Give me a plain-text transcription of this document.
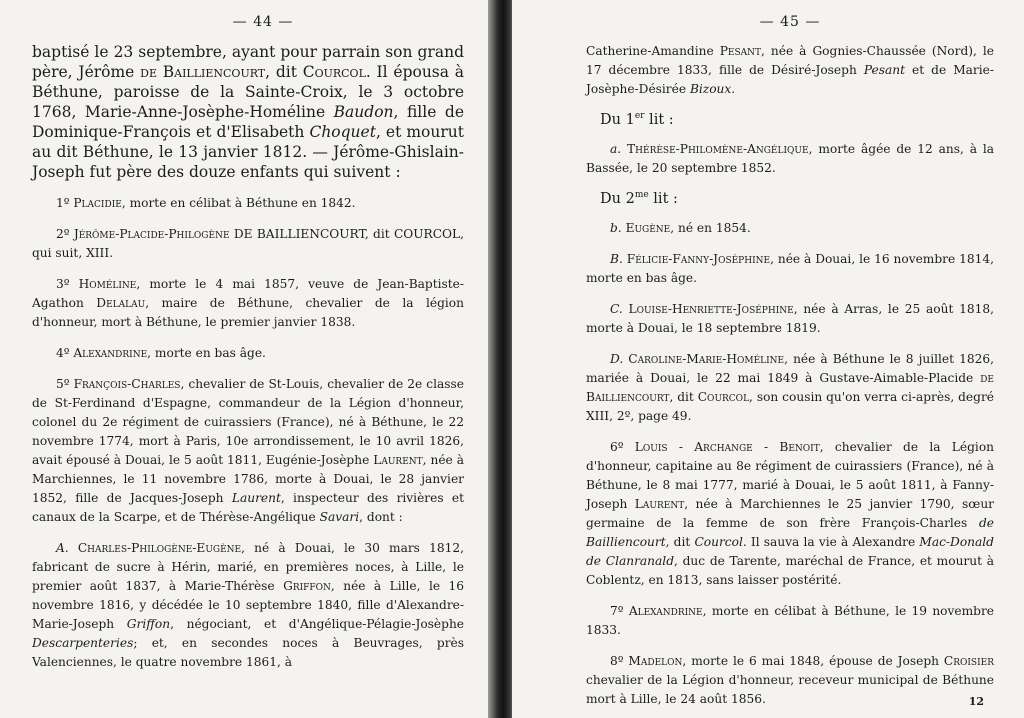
— 44 —

baptisé le 23 septembre, ayant pour parrain son grand père, Jérôme de Bailliencourt, dit Courcol. Il épousa à Béthune, paroisse de la Sainte-Croix, le 3 octobre 1768, Marie-Anne-Josèphe-Homéline Baudon, fille de Dominique-François et d'Elisabeth Choquet, et mourut au dit Béthune, le 13 janvier 1812. — Jérôme-Ghislain-Joseph fut père des douze enfants qui suivent :

1º Placidie, morte en célibat à Béthune en 1842.

2º Jérôme-Placide-Philogène DE BAILLIENCOURT, dit COURCOL, qui suit, XIII.

3º Homéline, morte le 4 mai 1857, veuve de Jean-Baptiste-Agathon Delalau, maire de Béthune, chevalier de la légion d'honneur, mort à Béthune, le premier janvier 1838.

4º Alexandrine, morte en bas âge.

5º François-Charles, chevalier de St-Louis, chevalier de 2e classe de St-Ferdinand d'Espagne, commandeur de la Légion d'honneur, colonel du 2e régiment de cuirassiers (France), né à Béthune, le 22 novembre 1774, mort à Paris, 10e arrondissement, le 10 avril 1826, avait épousé à Douai, le 5 août 1811, Eugénie-Josèphe Laurent, née à Marchiennes, le 11 novembre 1786, morte à Douai, le 28 janvier 1852, fille de Jacques-Joseph Laurent, inspecteur des rivières et canaux de la Scarpe, et de Thérèse-Angélique Savari, dont :

A. Charles-Philogène-Eugène, né à Douai, le 30 mars 1812, fabricant de sucre à Hérin, marié, en premières noces, à Lille, le premier août 1837, à Marie-Thérèse Griffon, née à Lille, le 16 novembre 1816, y décédée le 10 septembre 1840, fille d'Alexandre-Marie-Joseph Griffon, négociant, et d'Angélique-Pélagie-Josèphe Descarpenteries; et, en secondes noces à Beuvrages, près Valenciennes, le quatre novembre 1861, à

— 45 —

Catherine-Amandine Pesant, née à Gognies-Chaussée (Nord), le 17 décembre 1833, fille de Désiré-Joseph Pesant et de Marie-Josèphe-Désirée Bizoux.

Du 1er lit :

a. Thérèse-Philomène-Angélique, morte âgée de 12 ans, à la Bassée, le 20 septembre 1852.

Du $2^{me}$ lit :

b. Eugène, né en 1854.

B. Félicie-Fanny-Joséphine, née à Douai, le 16 novembre 1814, morte en bas âge.

C. Louise-Henriette-Joséphine, née à Arras, le 25 août 1818, morte à Douai, le 18 septembre 1819.

D. Caroline-Marie-Homéline, née à Béthune le 8 juillet 1826, mariée à Douai, le 22 mai 1849 à Gustave-Aimable-Placide de Bailliencourt, dit Courcol, son cousin qu'on verra ci-après, degré XIII, 2º, page 49.

6º Louis - Archange - Benoit, chevalier de la Légion d'honneur, capitaine au 8e régiment de cuirassiers (France), né à Béthune, le 8 mai 1777, marié à Douai, le 5 août 1811, à Fanny-Joseph Laurent, née à Marchiennes le 25 janvier 1790, sœur germaine de la femme de son frère François-Charles de Bailliencourt, dit Courcol. Il sauva la vie à Alexandre Mac-Donald de Clanranald, duc de Tarente, maréchal de France, et mourut à Coblentz, en 1813, sans laisser postérité.

7º Alexandrine, morte en célibat à Béthune, le 19 novembre 1833.

8º Madelon, morte le 6 mai 1848, épouse de Joseph Croisier chevalier de la Légion d'honneur, receveur municipal de Béthune mort à Lille, le 24 août 1856.	12
